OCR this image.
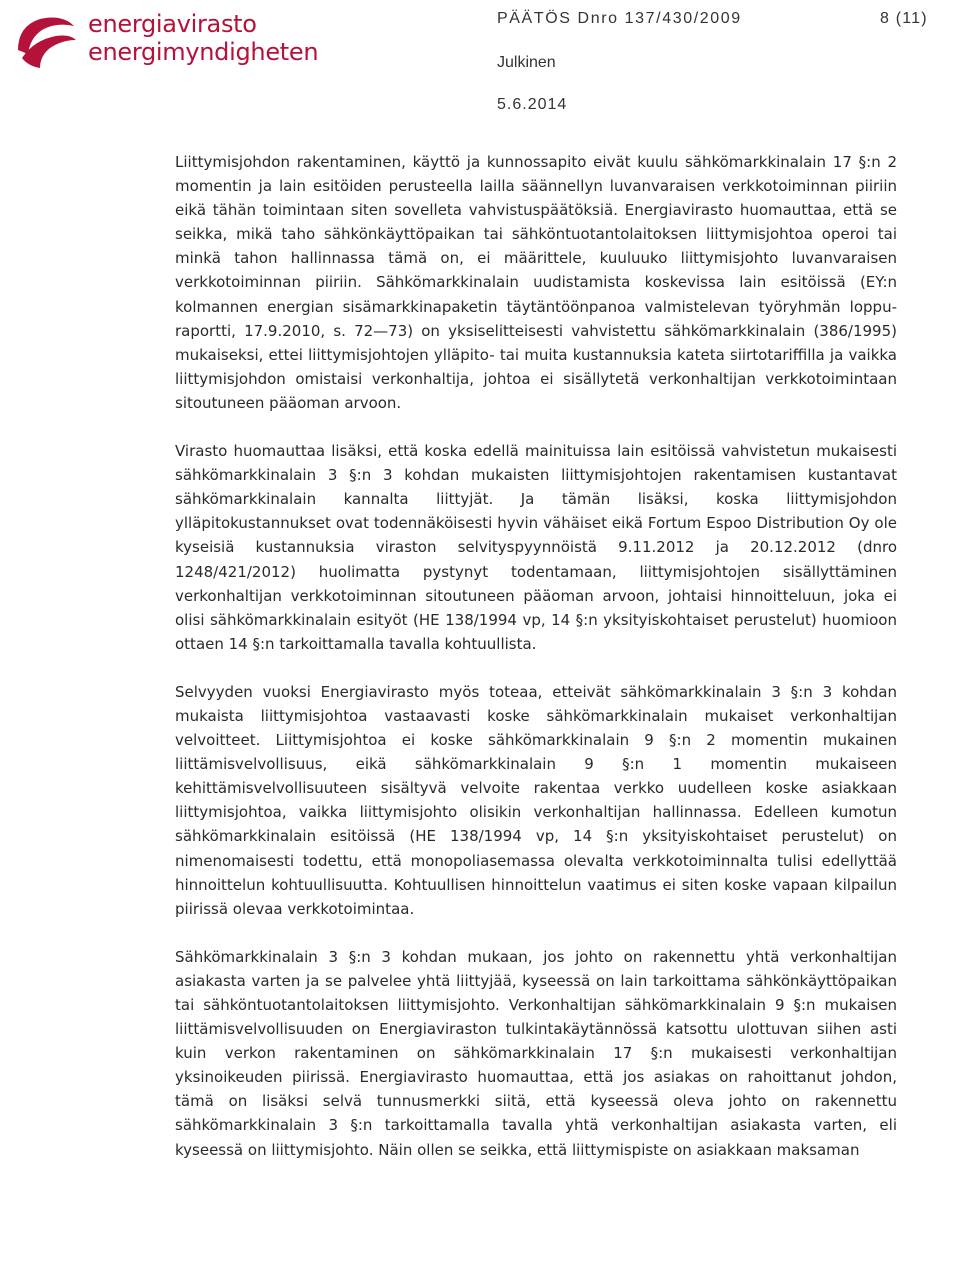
energiavirasto
energimyndigheten
PÄÄTÖS Dnro 137/430/2009	8 (11)
Julkinen
5.6.2014

Liittymisjohdon rakentaminen, käyttö ja kunnossapito eivät kuulu sähkömarkkinalain 17 §:n 2 momentin ja lain esitöiden perusteella lailla säännellyn luvanvaraisen verkkotoiminnan piiriin eikä tähän toimintaan siten sovelleta vahvistuspäätöksiä. Energiavirasto huomauttaa, että se seikka, mikä taho sähkönkäyttöpaikan tai sähköntuotantolaitoksen liittymisjohtoa operoi tai minkä tahon hallinnassa tämä on, ei määrittele, kuuluuko liittymisjohto luvanvaraisen verkkotoiminnan piiriin. Sähkömarkkinalain uudistamista koskevissa lain esitöissä (EY:n kolmannen energian sisämarkkinapaketin täytäntöönpanoa valmistelevan työryhmän loppuraportti, 17.9.2010, s. 72—73) on yksiselitteisesti vahvistettu sähkömarkkinalain (386/1995) mukaiseksi, ettei liittymisjohtojen ylläpito- tai muita kustannuksia kateta siirtotariffilla ja vaikka liittymisjohdon omistaisi verkonhaltija, johtoa ei sisällytetä verkonhaltijan verkkotoimintaan sitoutuneen pääoman arvoon.

Virasto huomauttaa lisäksi, että koska edellä mainituissa lain esitöissä vahvistetun mukaisesti sähkömarkkinalain 3 §:n 3 kohdan mukaisten liittymisjohtojen rakentamisen kustantavat sähkömarkkinalain kannalta liittyjät. Ja tämän lisäksi, koska liittymisjohdon ylläpitokustannukset ovat todennäköisesti hyvin vähäiset eikä Fortum Espoo Distribution Oy ole kyseisiä kustannuksia viraston selvityspyynnöistä 9.11.2012 ja 20.12.2012 (dnro 1248/421/2012) huolimatta pystynyt todentamaan, liittymisjohtojen sisällyttäminen verkonhaltijan verkkotoiminnan sitoutuneen pääoman arvoon, johtaisi hinnoitteluun, joka ei olisi sähkömarkkinalain esityöt (HE 138/1994 vp, 14 §:n yksityiskohtaiset perustelut) huomioon ottaen 14 §:n tarkoittamalla tavalla kohtuullista.

Selvyyden vuoksi Energiavirasto myös toteaa, etteivät sähkömarkkinalain 3 §:n 3 kohdan mukaista liittymisjohtoa vastaavasti koske sähkömarkkinalain mukaiset verkonhaltijan velvoitteet. Liittymisjohtoa ei koske sähkömarkkinalain 9 §:n 2 momentin mukainen liittämisvelvollisuus, eikä sähkömarkkinalain 9 §:n 1 momentin mukaiseen kehittämisvelvollisuuteen sisältyvä velvoite rakentaa verkko uudelleen koske asiakkaan liittymisjohtoa, vaikka liittymisjohto olisikin verkonhaltijan hallinnassa. Edelleen kumotun sähkömarkkinalain esitöissä (HE 138/1994 vp, 14 §:n yksityiskohtaiset perustelut) on nimenomaisesti todettu, että monopoliasemassa olevalta verkkotoiminnalta tulisi edellyttää hinnoittelun kohtuullisuutta. Kohtuullisen hinnoittelun vaatimus ei siten koske vapaan kilpailun piirissä olevaa verkkotoimintaa.

Sähkömarkkinalain 3 §:n 3 kohdan mukaan, jos johto on rakennettu yhtä verkonhaltijan asiakasta varten ja se palvelee yhtä liittyjää, kyseessä on lain tarkoittama sähkönkäyttöpaikan tai sähköntuotantolaitoksen liittymisjohto. Verkonhaltijan sähkömarkkinalain 9 §:n mukaisen liittämisvelvollisuuden on Energiaviraston tulkintakäytännössä katsottu ulottuvan siihen asti kuin verkon rakentaminen on sähkömarkkinalain 17 §:n mukaisesti verkonhaltijan yksinoikeuden piirissä. Energiavirasto huomauttaa, että jos asiakas on rahoittanut johdon, tämä on lisäksi selvä tunnusmerkki siitä, että kyseessä oleva johto on rakennettu sähkömarkkinalain 3 §:n tarkoittamalla tavalla yhtä verkonhaltijan asiakasta varten, eli kyseessä on liittymisjohto. Näin ollen se seikka, että liittymispiste on asiakkaan maksaman
